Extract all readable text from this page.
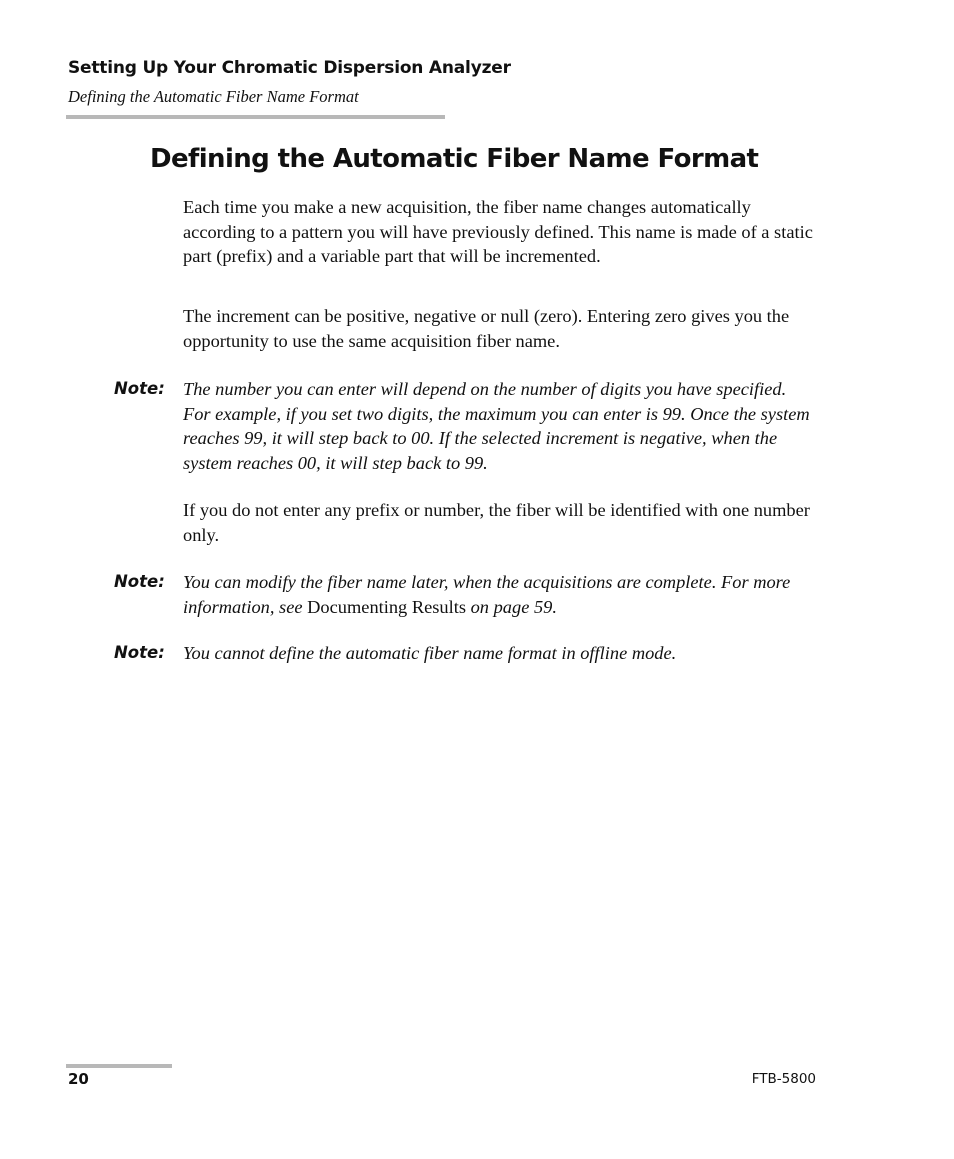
Setting Up Your Chromatic Dispersion Analyzer
Defining the Automatic Fiber Name Format
Defining the Automatic Fiber Name Format

Each time you make a new acquisition, the fiber name changes automatically according to a pattern you will have previously defined. This name is made of a static part (prefix) and a variable part that will be incremented.

The increment can be positive, negative or null (zero). Entering zero gives you the opportunity to use the same acquisition fiber name.

Note: The number you can enter will depend on the number of digits you have specified. For example, if you set two digits, the maximum you can enter is 99. Once the system reaches 99, it will step back to 00. If the selected increment is negative, when the system reaches 00, it will step back to 99.

If you do not enter any prefix or number, the fiber will be identified with one number only.

Note: You can modify the fiber name later, when the acquisitions are complete. For more information, see Documenting Results on page 59.

Note: You cannot define the automatic fiber name format in offline mode.

20	FTB-5800
